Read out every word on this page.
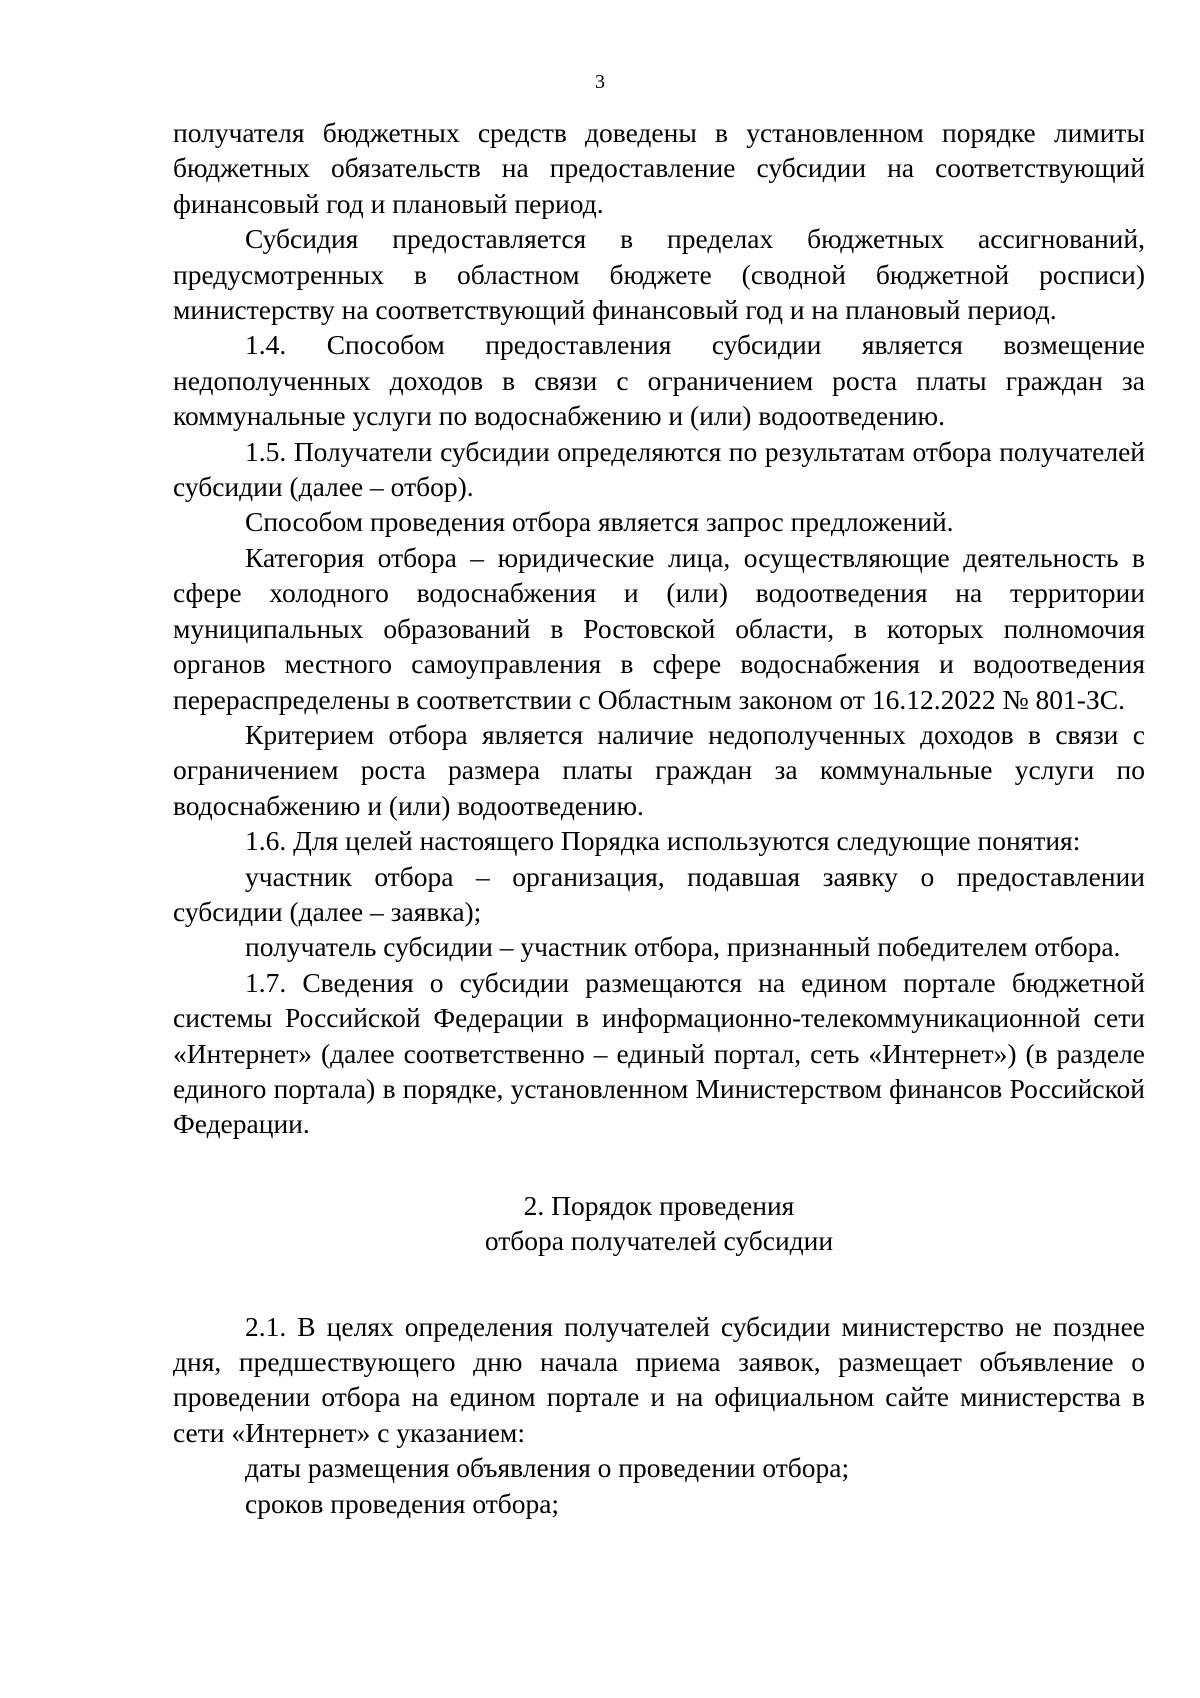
3

получателя бюджетных средств доведены в установленном порядке лимиты бюджетных обязательств на предоставление субсидии на соответствующий финансовый год и плановый период.

Субсидия предоставляется в пределах бюджетных ассигнований, предусмотренных в областном бюджете (сводной бюджетной росписи) министерству на соответствующий финансовый год и на плановый период.

1.4. Способом предоставления субсидии является возмещение недополученных доходов в связи с ограничением роста платы граждан за коммунальные услуги по водоснабжению и (или) водоотведению.

1.5. Получатели субсидии определяются по результатам отбора получателей субсидии (далее – отбор).

Способом проведения отбора является запрос предложений.

Категория отбора – юридические лица, осуществляющие деятельность в сфере холодного водоснабжения и (или) водоотведения на территории муниципальных образований в Ростовской области, в которых полномочия органов местного самоуправления в сфере водоснабжения и водоотведения перераспределены в соответствии с Областным законом от 16.12.2022 № 801-ЗС.

Критерием отбора является наличие недополученных доходов в связи с ограничением роста размера платы граждан за коммунальные услуги по водоснабжению и (или) водоотведению.

1.6. Для целей настоящего Порядка используются следующие понятия:

участник отбора – организация, подавшая заявку о предоставлении субсидии (далее – заявка);

получатель субсидии – участник отбора, признанный победителем отбора.

1.7. Сведения о субсидии размещаются на едином портале бюджетной системы Российской Федерации в информационно-телекоммуникационной сети «Интернет» (далее соответственно – единый портал, сеть «Интернет») (в разделе единого портала) в порядке, установленном Министерством финансов Российской Федерации.

2. Порядок проведения
отбора получателей субсидии

2.1. В целях определения получателей субсидии министерство не позднее дня, предшествующего дню начала приема заявок, размещает объявление о проведении отбора на едином портале и на официальном сайте министерства в сети «Интернет» с указанием:

даты размещения объявления о проведении отбора;

сроков проведения отбора;
